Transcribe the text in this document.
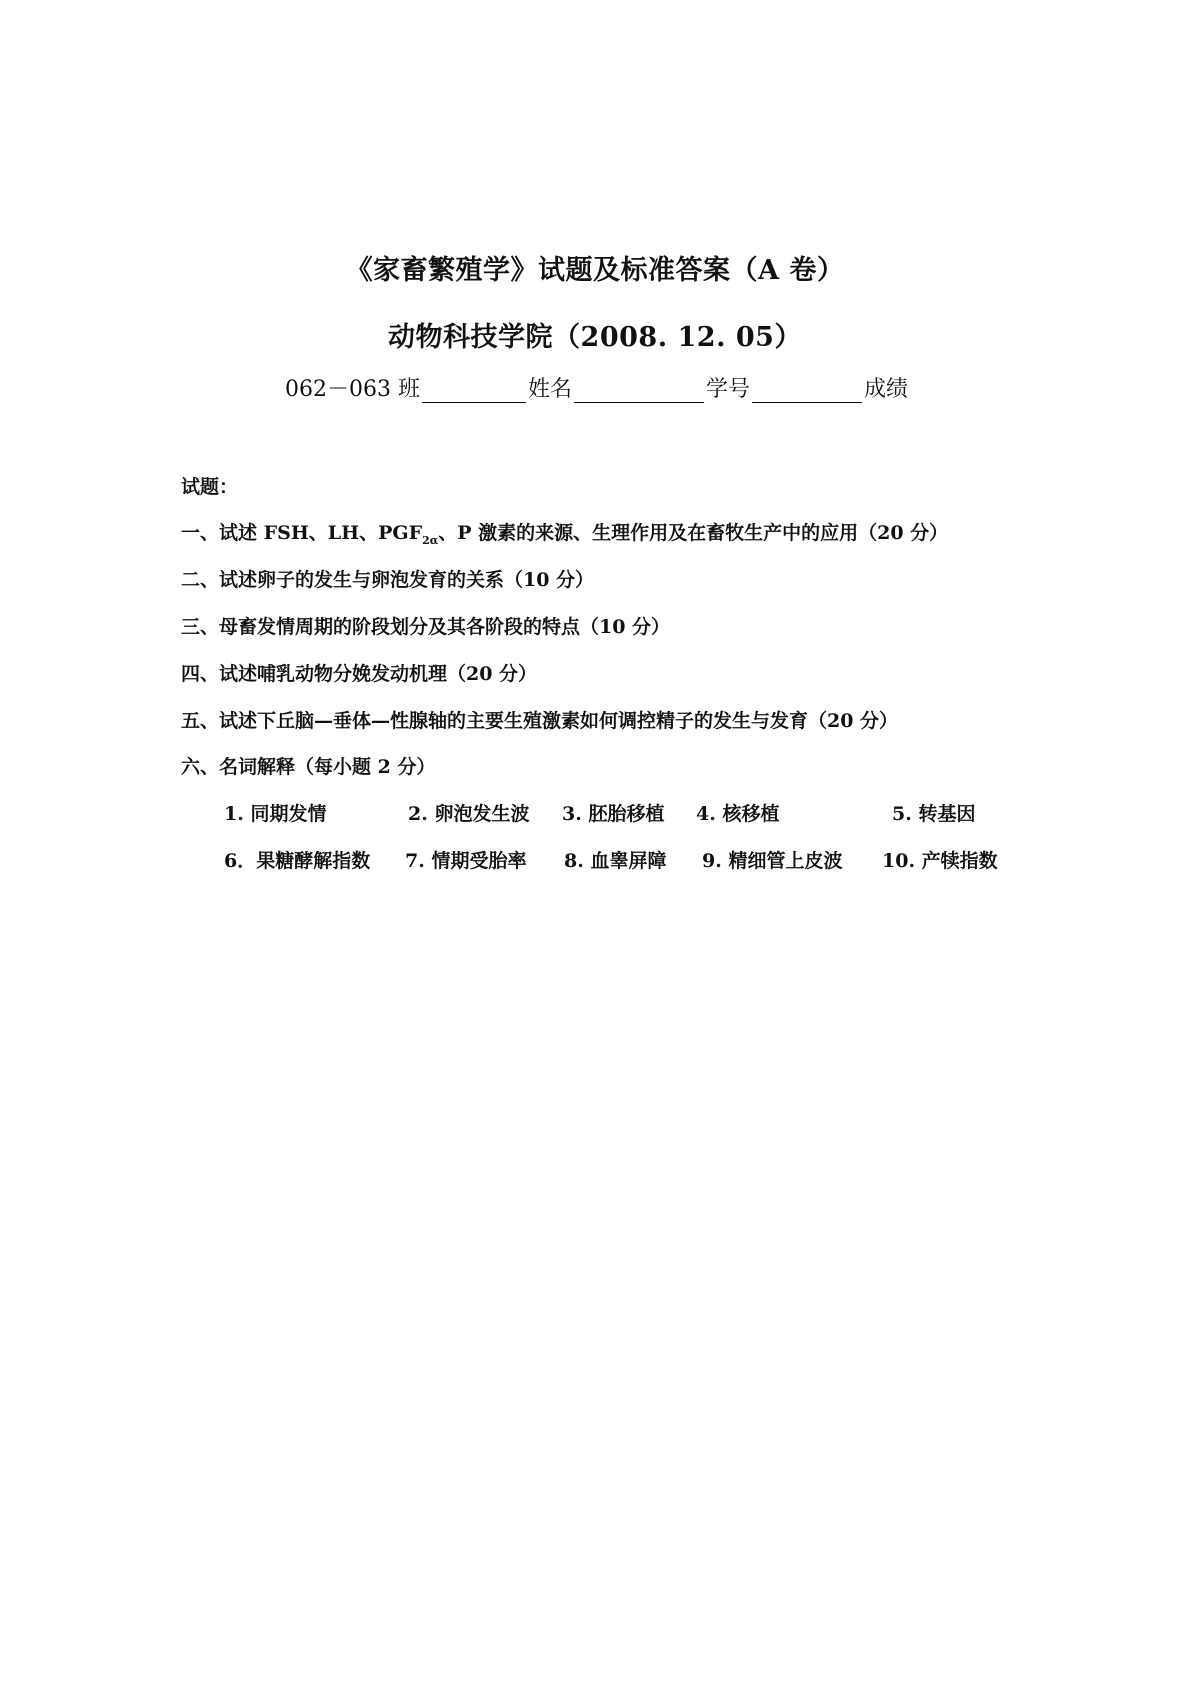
《家畜繁殖学》试题及标准答案（A 卷）
动物科技学院（2008. 12. 05）
062－063 班	姓名	学号	成绩
试题：
一、试述 FSH、LH、$PGF_{2\alpha}$、P 激素的来源、生理作用及在畜牧生产中的应用（20 分）
二、试述卵子的发生与卵泡发育的关系（10 分）
三、母畜发情周期的阶段划分及其各阶段的特点（10 分）
四、试述哺乳动物分娩发动机理（20 分）
五、试述下丘脑—垂体—性腺轴的主要生殖激素如何调控精子的发生与发育（20 分）
六、名词解释（每小题 2 分）
1. 同期发情	2. 卵泡发生波 3. 胚胎移植 4. 核移植	5. 转基因
6．果糖酵解指数 7. 情期受胎率 8. 血睾屏障 9. 精细管上皮波 10. 产犊指数
